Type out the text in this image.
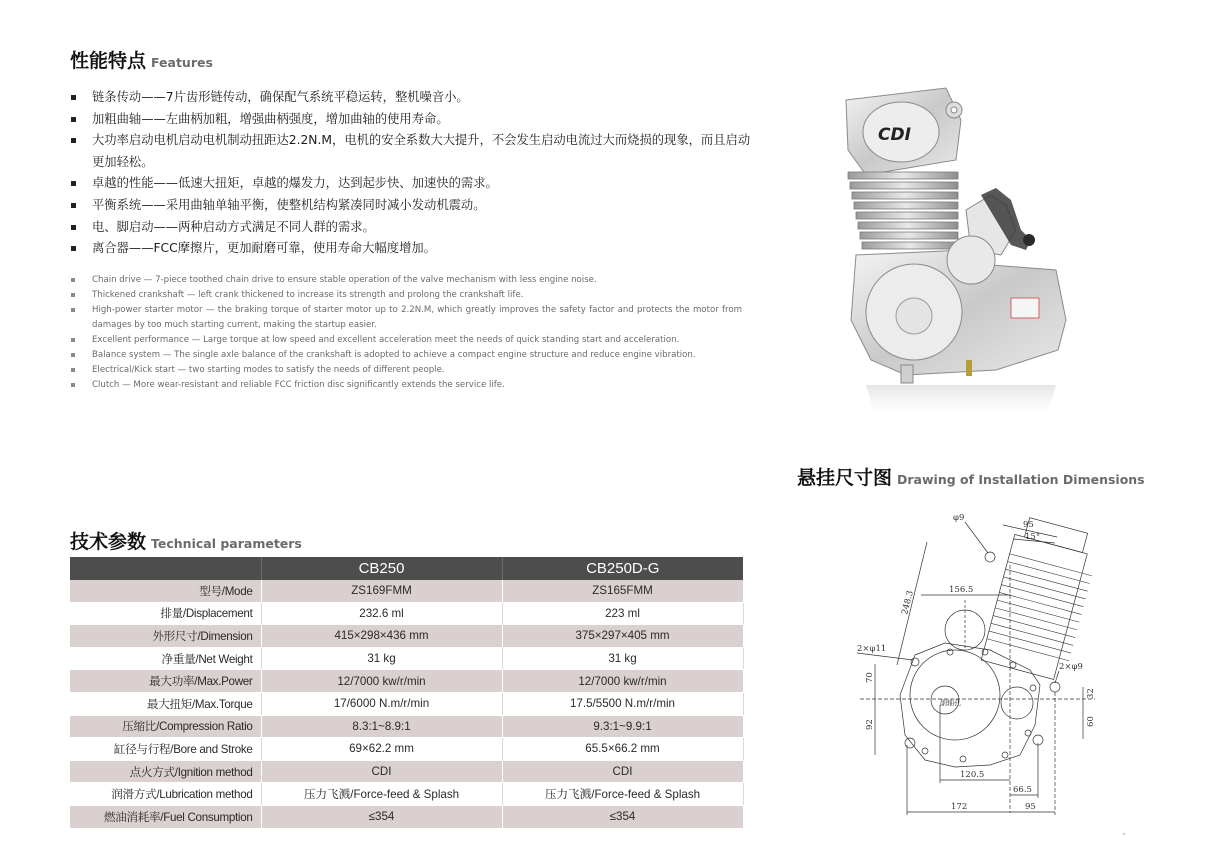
性能特点 Features
链条传动——7片齿形链传动，确保配气系统平稳运转，整机噪音小。
加粗曲轴——左曲柄加粗，增强曲柄强度，增加曲轴的使用寿命。
大功率启动电机启动电机制动扭距达2.2N.M，电机的安全系数大大提升，不会发生启动电流过大而烧损的现象，而且启动更加轻松。
卓越的性能——低速大扭矩，卓越的爆发力，达到起步快、加速快的需求。
平衡系统——采用曲轴单轴平衡，使整机结构紧凑同时减小发动机震动。
电、脚启动——两种启动方式满足不同人群的需求。
离合器——FCC摩擦片，更加耐磨可靠，使用寿命大幅度增加。
Chain drive — 7-piece toothed chain drive to ensure stable operation of the valve mechanism with less engine noise.
Thickened crankshaft — left crank thickened to increase its strength and prolong the crankshaft life.
High-power starter motor — the braking torque of starter motor up to 2.2N.M, which greatly improves the safety factor and protects the motor from damages by too much starting current, making the startup easier.
Excellent performance — Large torque at low speed and excellent acceleration meet the needs of quick standing start and acceleration.
Balance system — The single axle balance of the crankshaft is adopted to achieve a compact engine structure and reduce engine vibration.
Electrical/Kick start — two starting modes to satisfy the needs of different people.
Clutch — More wear-resistant and reliable FCC friction disc significantly extends the service life.
CDI
技术参数 Technical parameters
	CB250	CB250D-G
型号/Mode	ZS169FMM	ZS165FMM
排量/Displacement	232.6 ml	223 ml
外形尺寸/Dimension	415×298×436 mm	375×297×405 mm
净重量/Net Weight	31 kg	31 kg
最大功率/Max.Power	12/7000 kw/r/min	12/7000 kw/r/min
最大扭矩/Max.Torque	17/6000 N.m/r/min	17.5/5500 N.m/r/min
压缩比/Compression Ratio	8.3:1~8.9:1	9.3:1~9.9:1
缸径与行程/Bore and Stroke	69×62.2 mm	65.5×66.2 mm
点火方式/Ignition method	CDI	CDI
润滑方式/Lubrication method	压力飞溅/Force-feed & Splash	压力飞溅/Force-feed & Splash
燃油消耗率/Fuel Consumption	≤354	≤354
悬挂尺寸图 Drawing of Installation Dimensions
φ9
95
15°
248.3	156.5
副轴孔
2×φ11
2×φ9
70
92
32
60
120.5
66.5
172	95
